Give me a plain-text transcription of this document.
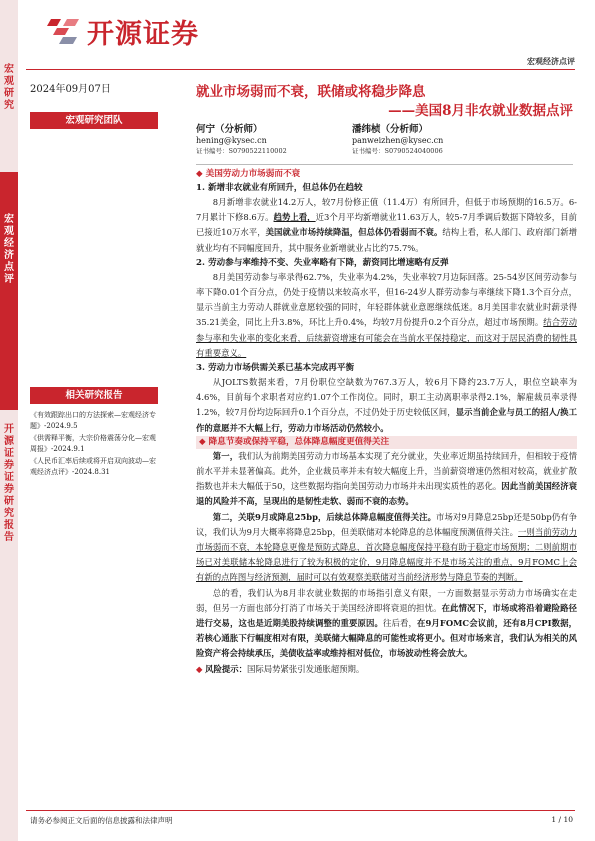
宏观研究
宏观经济点评
开源证券 证券研究报告
开源证券
宏观经济点评
2024年09月07日
宏观研究团队
就业市场弱而不衰，联储或将稳步降息
——美国8月非农就业数据点评
何宁（分析师）
hening@kysec.cn
证书编号：S0790522110002
潘纬桢（分析师）
panweizhen@kysec.cn
证书编号：S0790524040006
相关研究报告
《有效跟踪出口的方法探索—宏观经济专题》-2024.9.5
《供需释平衡，大宗价格震荡分化—宏观周报》-2024.9.1
《人民币汇率后续或将开启双向波动—宏观经济点评》-2024.8.31
◆ 美国劳动力市场弱而不衰
1. 新增非农就业有所回升，但总体仍在趋较

8月新增非农就业14.2万人，较7月份修正值（11.4万）有所回升，但低于市场预期的16.5万。6-7月累计下修8.6万。趋势上看，近3个月平均新增就业11.63万人，较5-7月季调后数据下降较多，目前已接近10万水平，美国就业市场持续降温，但总体仍看弱而不衰。结构上看，私人部门、政府部门新增就业均有不同幅度回升，其中服务业新增就业占比约75.7%。

2. 劳动参与率维持不变、失业率略有下降，薪资同比增速略有反弹

8月美国劳动参与率录得62.7%，失业率为4.2%，失业率较7月边际回落。25-54岁区间劳动参与率下降0.01个百分点，仍处于疫情以来较高水平，但16-24岁人群劳动参与率继续下降1.3个百分点，显示当前主力劳动人群就业意愿较强的同时，年轻群体就业意愿继续低迷。8月美国非农就业时薪录得35.21美金，同比上升3.8%，环比上升0.4%，均较7月份提升0.2个百分点，超过市场预期。结合劳动参与率和失业率的变化来看，后续薪资增速有可能会在当前水平保持稳定，而这对于居民消费的韧性具有重要意义。

3. 劳动力市场供需关系已基本完成再平衡

从JOLTS数据来看，7月份职位空缺数为767.3万人，较6月下降约23.7万人，职位空缺率为4.6%，目前每个求职者对应约1.07个工作岗位。同时，职工主动离职率录得2.1%，解雇裁员率录得1.2%，较7月份均边际回升0.1个百分点，不过仍处于历史较低区间，显示当前企业与员工的招人/换工作的意愿并不大幅上行，劳动力市场活动仍然较小。

◆ 降息节奏或保持平稳，总体降息幅度更值得关注

第一，我们认为前期美国劳动力市场基本实现了充分就业，失业率近期虽持续回升，但相较于疫情前水平并未显著偏高。此外，企业裁员率并未有较大幅度上升，当前薪资增速仍然相对较高，就业扩散指数也并未大幅低于50，这些数据均指向美国劳动力市场并未出现实质性的恶化。因此当前美国经济衰退的风险并不高，呈现出的是韧性走软、弱而不衰的态势。

第二，关联9月或降息25bp，后续总体降息幅度值得关注。市场对9月降息25bp还是50bp仍有争议，我们认为9月大概率将降息25bp，但美联储对本轮降息的总体幅度预测值得关注。一则当前劳动力市场弱而不衰，本轮降息更像是预防式降息，首次降息幅度保持平稳有助于稳定市场预期；二则前期市场已对美联储本轮降息进行了较为积极的定价，9月降息幅度并不是市场关注的重点，9月FOMC上会有新的点阵图与经济预测，届时可以有效观察美联储对当前经济形势与降息节奏的判断。

总的看，我们认为8月非农就业数据的市场指引意义有限，一方面数据显示劳动力市场确实在走弱，但另一方面也部分打消了市场关于美国经济即将衰退的担忧。在此情况下，市场或将沿着避险路径进行交易，这也是近期美股持续调整的重要原因。往后看，在9月FOMC会议前，还有8月CPI数据，若核心通胀下行幅度相对有限，美联储大幅降息的可能性或将更小。但对市场来言，我们认为相关的风险资产将会持续承压，美债收益率或维持相对低位，市场波动性将会放大。

◆ 风险提示：国际局势紧张引发通胀超预期。
请务必参阅正文后面的信息披露和法律声明	1 / 10
